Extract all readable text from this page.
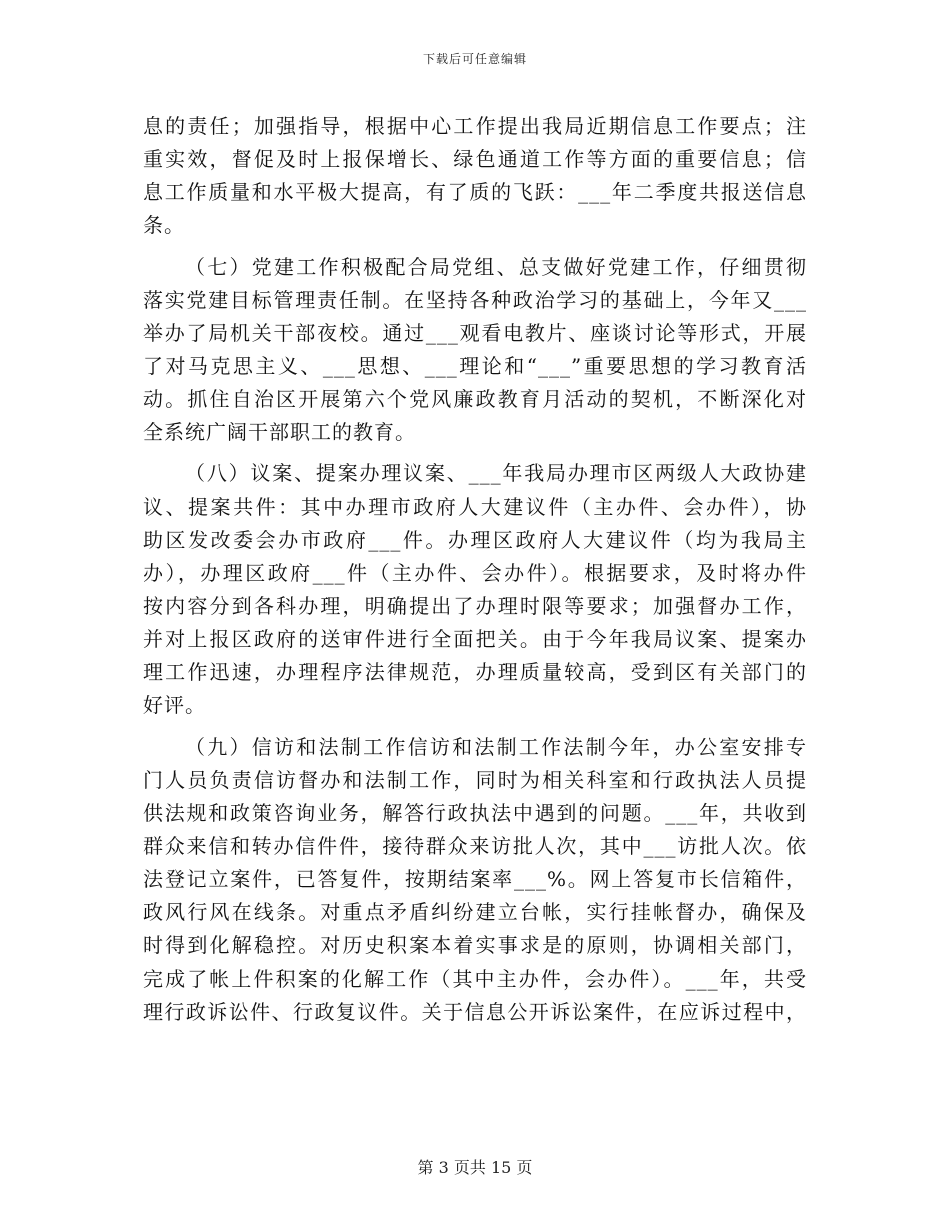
下载后可任意编辑
息的责任；加强指导，根据中心工作提出我局近期信息工作要点；注
重实效，督促及时上报保增长、绿色通道工作等方面的重要信息；信
息工作质量和水平极大提高，有了质的飞跃：___年二季度共报送信息
条。
（七）党建工作积极配合局党组、总支做好党建工作，仔细贯彻
落实党建目标管理责任制。在坚持各种政治学习的基础上，今年又___
举办了局机关干部夜校。通过___观看电教片、座谈讨论等形式，开展
了对马克思主义、___思想、___理论和“___”重要思想的学习教育活
动。抓住自治区开展第六个党风廉政教育月活动的契机，不断深化对
全系统广阔干部职工的教育。
（八）议案、提案办理议案、___年我局办理市区两级人大政协建
议、提案共件：其中办理市政府人大建议件（主办件、会办件），协
助区发改委会办市政府___件。办理区政府人大建议件（均为我局主
办），办理区政府___件（主办件、会办件）。根据要求，及时将办件
按内容分到各科办理，明确提出了办理时限等要求；加强督办工作，
并对上报区政府的送审件进行全面把关。由于今年我局议案、提案办
理工作迅速，办理程序法律规范，办理质量较高，受到区有关部门的
好评。
（九）信访和法制工作信访和法制工作法制今年，办公室安排专
门人员负责信访督办和法制工作，同时为相关科室和行政执法人员提
供法规和政策咨询业务，解答行政执法中遇到的问题。___年，共收到
群众来信和转办信件件，接待群众来访批人次，其中___访批人次。依
法登记立案件，已答复件，按期结案率___%。网上答复市长信箱件，
政风行风在线条。对重点矛盾纠纷建立台帐，实行挂帐督办，确保及
时得到化解稳控。对历史积案本着实事求是的原则，协调相关部门，
完成了帐上件积案的化解工作（其中主办件，会办件）。___年，共受
理行政诉讼件、行政复议件。关于信息公开诉讼案件，在应诉过程中，
第 3 页共 15 页
